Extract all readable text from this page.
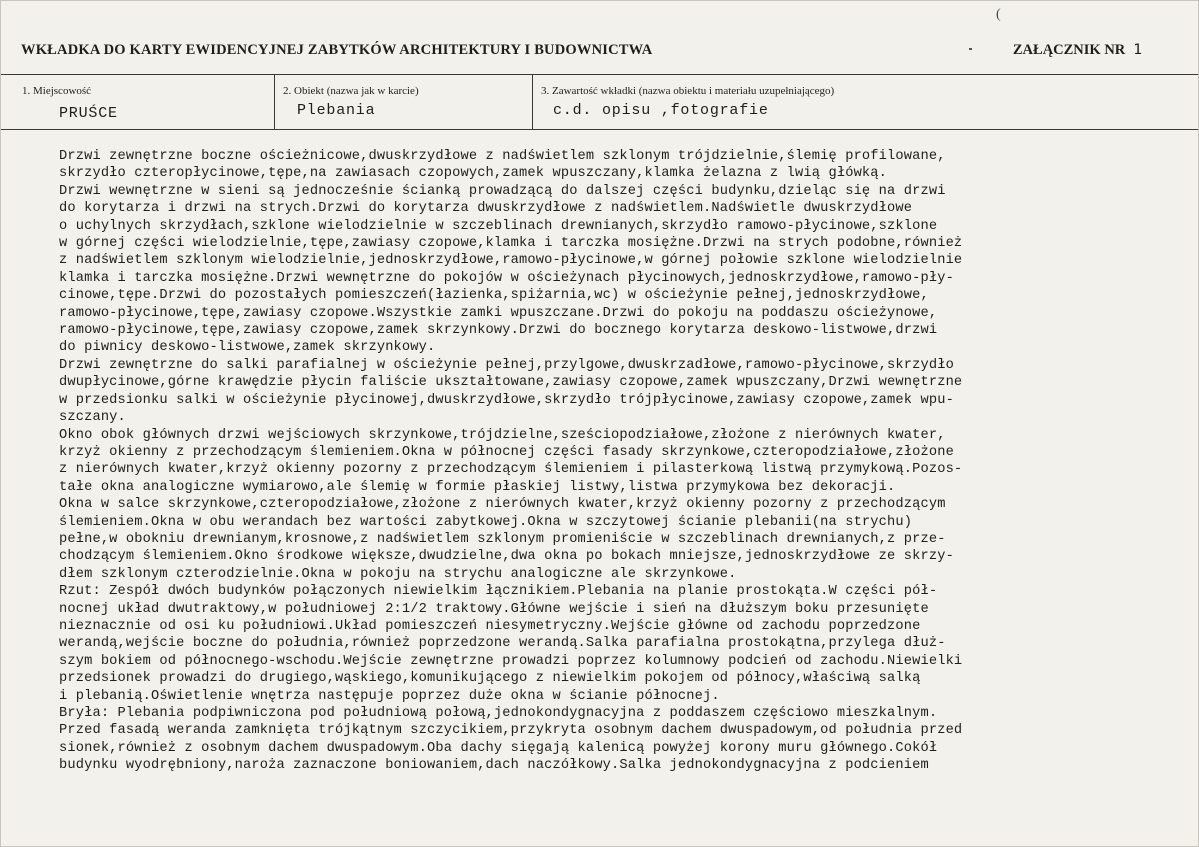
(
WKŁADKA DO KARTY EWIDENCYJNEJ ZABYTKÓW ARCHITEKTURY I BUDOWNICTWA	ZAŁĄCZNIK NR 1
1. Miejscowość
PRUŚCE
2. Obiekt (nazwa jak w karcie)
Plebania
3. Zawartość wkładki (nazwa obiektu i materiału uzupełniającego)
c.d. opisu ,fotografie
Drzwi zewnętrzne boczne ościeżnicowe,dwuskrzydłowe z nadświetlem szklonym trójdzielnie,ślemię profilowane,
skrzydło czteropłycinowe,tępe,na zawiasach czopowych,zamek wpuszczany,klamka żelazna z lwią główką.
Drzwi wewnętrzne w sieni są jednocześnie ścianką prowadzącą do dalszej części budynku,dzieląc się na drzwi
do korytarza i drzwi na strych.Drzwi do korytarza dwuskrzydłowe z nadświetlem.Nadświetle dwuskrzydłowe
o uchylnych skrzydłach,szklone wielodzielnie w szczeblinach drewnianych,skrzydło ramowo-płycinowe,szklone
w górnej części wielodzielnie,tępe,zawiasy czopowe,klamka i tarczka mosiężne.Drzwi na strych podobne,również
z nadświetlem szklonym wielodzielnie,jednoskrzydłowe,ramowo-płycinowe,w górnej połowie szklone wielodzielnie
klamka i tarczka mosiężne.Drzwi wewnętrzne do pokojów w ościeżynach płycinowych,jednoskrzydłowe,ramowo-pły-
cinowe,tępe.Drzwi do pozostałych pomieszczeń(łazienka,spiżarnia,wc) w ościeżynie pełnej,jednoskrzydłowe,
ramowo-płycinowe,tępe,zawiasy czopowe.Wszystkie zamki wpuszczane.Drzwi do pokoju na poddaszu ościeżynowe,
ramowo-płycinowe,tępe,zawiasy czopowe,zamek skrzynkowy.Drzwi do bocznego korytarza deskowo-listwowe,drzwi
do piwnicy deskowo-listwowe,zamek skrzynkowy.
Drzwi zewnętrzne do salki parafialnej w ościeżynie pełnej,przylgowe,dwuskrzadłowe,ramowo-płycinowe,skrzydło
dwupłycinowe,górne krawędzie płycin faliście ukształtowane,zawiasy czopowe,zamek wpuszczany,Drzwi wewnętrzne
w przedsionku salki w ościeżynie płycinowej,dwuskrzydłowe,skrzydło trójpłycinowe,zawiasy czopowe,zamek wpu-
szczany.
Okno obok głównych drzwi wejściowych skrzynkowe,trójdzielne,sześciopodziałowe,złożone z nierównych kwater,
krzyż okienny z przechodzącym ślemieniem.Okna w północnej części fasady skrzynkowe,czteropodziałowe,złożone
z nierównych kwater,krzyż okienny pozorny z przechodzącym ślemieniem i pilasterkową listwą przymykową.Pozos-
tałe okna analogiczne wymiarowo,ale ślemię w formie płaskiej listwy,listwa przymykowa bez dekoracji.
Okna w salce skrzynkowe,czteropodziałowe,złożone z nierównych kwater,krzyż okienny pozorny z przechodzącym
ślemieniem.Okna w obu werandach bez wartości zabytkowej.Okna w szczytowej ścianie plebanii(na strychu)
pełne,w obokniu drewnianym,krosnowe,z nadświetlem szklonym promieniście w szczeblinach drewnianych,z prze-
chodzącym ślemieniem.Okno środkowe większe,dwudzielne,dwa okna po bokach mniejsze,jednoskrzydłowe ze skrzy-
dłem szklonym czterodzielnie.Okna w pokoju na strychu analogiczne ale skrzynkowe.
Rzut: Zespół dwóch budynków połączonych niewielkim łącznikiem.Plebania na planie prostokąta.W części pół-
nocnej układ dwutraktowy,w południowej 2:1/2 traktowy.Główne wejście i sień na dłuższym boku przesunięte
nieznacznie od osi ku południowi.Układ pomieszczeń niesymetryczny.Wejście główne od zachodu poprzedzone
werandą,wejście boczne do południa,również poprzedzone werandą.Salka parafialna prostokątna,przylega dłuż-
szym bokiem od północnego-wschodu.Wejście zewnętrzne prowadzi poprzez kolumnowy podcień od zachodu.Niewielki
przedsionek prowadzi do drugiego,wąskiego,komunikującego z niewielkim pokojem od północy,właściwą salką
i plebanią.Oświetlenie wnętrza następuje poprzez duże okna w ścianie północnej.
Bryła: Plebania podpiwniczona pod południową połową,jednokondygnacyjna z poddaszem częściowo mieszkalnym.
Przed fasadą weranda zamknięta trójkątnym szczycikiem,przykryta osobnym dachem dwuspadowym,od południa przed
sionek,również z osobnym dachem dwuspadowym.Oba dachy sięgają kalenicą powyżej korony muru głównego.Cokół
budynku wyodrębniony,naroża zaznaczone boniowaniem,dach naczółkowy.Salka jednokondygnacyjna z podcieniem
